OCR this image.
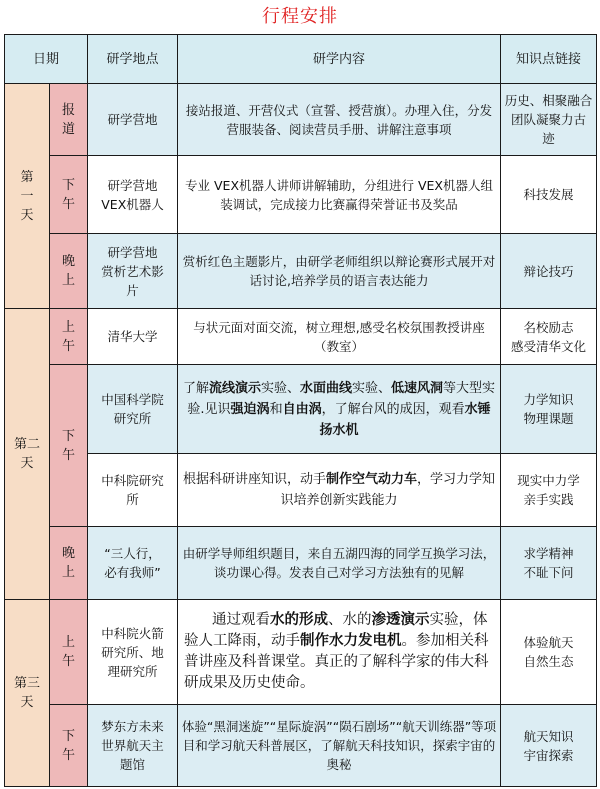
行程安排
日期		研学地点	研学内容	知识点链接

第
一
天	报
道	研学营地	接站报道、开营仪式（宣誓、授营旗）。办理入住，分发营服装备、阅读营员手册、讲解注意事项	历史、相聚融合
团队凝聚力古
迹

	下
午	研学营地
VEX机器人	专业 VEX机器人讲师讲解辅助，分组进行 VEX机器人组装调试，完成接力比赛赢得荣誉证书及奖品	科技发展

	晚
上	研学营地
赏析艺术影
片	赏析红色主题影片，由研学老师组织以辩论赛形式展开对话讨论,培养学员的语言表达能力	辩论技巧

第二
天	上
午	清华大学	与状元面对面交流，树立理想,感受名校氛围教授讲座（教室）	名校励志
感受清华文化

	下
午	中国科学院
研究所	了解流线演示实验、水面曲线实验、低速风洞等大型实验.见识强迫涡和自由涡，了解台风的成因，观看水锤扬水机	力学知识
物理课题

		中科院研究
所	根据科研讲座知识，动手制作空气动力车，学习力学知识培养创新实践能力	现实中力学
亲手实践

	晚
上	“三人行，
必有我师”	由研学导师组织题目，来自五湖四海的同学互换学习法，谈功课心得。发表自己对学习方法独有的见解	求学精神
不耻下问

第三
天	上
午	中科院火箭
研究所、地
理研究所	通过观看水的形成、水的渗透演示实验，体验人工降雨，动手制作水力发电机。参加相关科普讲座及科普课堂。真正的了解科学家的伟大科研成果及历史使命。	体验航天
自然生态

	下
午	梦东方未来
世界航天主
题馆	体验“黑洞迷旋”“星际旋涡”“陨石剧场”“航天训练器”等项目和学习航天科普展区，了解航天科技知识，探索宇宙的奥秘	航天知识
宇宙探索
